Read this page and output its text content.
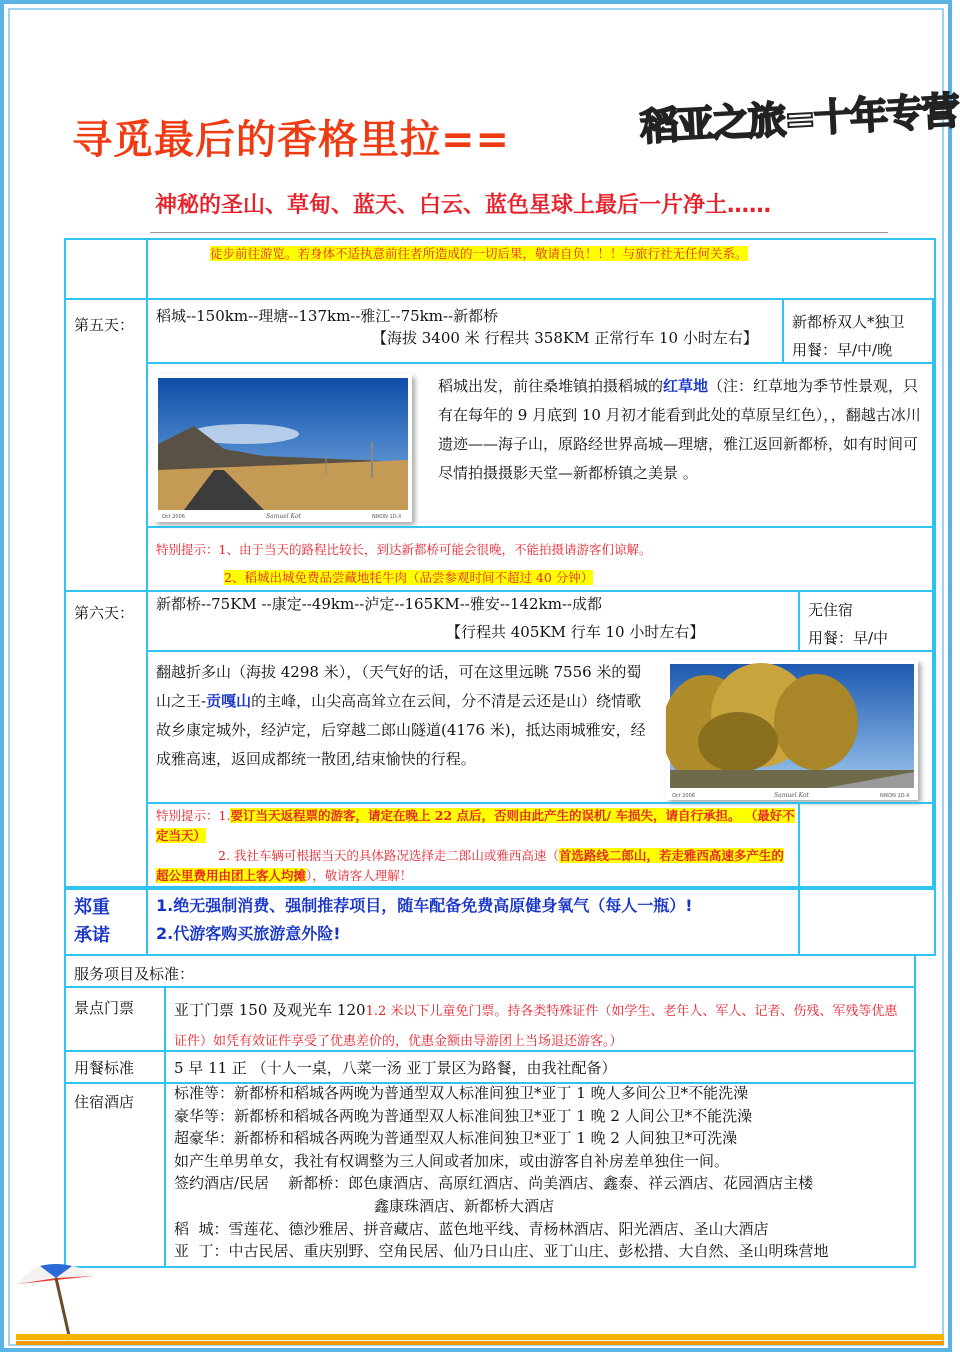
寻觅最后的香格里拉==	稻亚之旅=十年专营
神秘的圣山、草甸、蓝天、白云、蓝色星球上最后一片净土……
徒步前往游览。若身体不适执意前往者所造成的一切后果，敬请自负！！！与旅行社无任何关系。
第五天： 稻城--150km--理塘--137km--雅江--75km--新都桥
【海拔 3400 米 行程共 358KM 正常行车 10 小时左右】
新都桥双人*独卫
用餐：早/中/晚
Oct 2006	Samuel Kot	NIKON 1D-X
稻城出发，前往桑堆镇拍摄稻城的红草地（注：红草地为季节性景观，只有在每年的 9 月底到 10 月初才能看到此处的草原呈红色），，翻越古冰川遗迹——海子山，原路经世界高城—理塘，雅江返回新都桥，如有时间可尽情拍摄摄影天堂—新都桥镇之美景 。
特别提示：1、由于当天的路程比较长，到达新都桥可能会很晚，不能拍摄请游客们谅解。
2、稻城出城免费品尝藏地牦牛肉（品尝参观时间不超过 40 分钟）
第六天： 新都桥--75KM --康定--49km--泸定--165KM--雅安--142km--成都
【行程共 405KM 行车 10 小时左右】
无住宿
用餐：早/中
翻越折多山（海拔 4298 米），（天气好的话，可在这里远眺 7556 米的蜀山之王-贡嘎山的主峰，山尖高高耸立在云间，分不清是云还是山）绕情歌故乡康定城外，经泸定，后穿越二郎山隧道(4176 米)，抵达雨城雅安，经成雅高速，返回成都统一散团,结束愉快的行程。
Oct 2006	Samuel Kot	NIKON 1D-X
特别提示：1.要订当天返程票的游客，请定在晚上 22 点后，否则由此产生的误机/ 车损失，请自行承担。 （最好不定当天）
2. 我社车辆可根据当天的具体路况选择走二郎山或雅西高速（首选路线二郎山，若走雅西高速多产生的超公里费用由团上客人均摊），敬请客人理解！
郑重承诺
1.绝无强制消费、强制推荐项目，随车配备免费高原健身氧气（每人一瓶）!
2.代游客购买旅游意外险!
服务项目及标准：
景点门票	亚丁门票 150 及观光车 1201.2 米以下儿童免门票。持各类特殊证件（如学生、老年人、军人、记者、伤残、军残等优惠证件）如凭有效证件享受了优惠差价的，优惠金额由导游团上当场退还游客。）
用餐标准	5 早 11 正 （十人一桌，八菜一汤 亚丁景区为路餐，由我社配备）
住宿酒店	标准等：新都桥和稻城各两晚为普通型双人标准间独卫*亚丁 1 晚人多间公卫*不能洗澡
豪华等：新都桥和稻城各两晚为普通型双人标准间独卫*亚丁 1 晚 2 人间公卫*不能洗澡
超豪华：新都桥和稻城各两晚为普通型双人标准间独卫*亚丁 1 晚 2 人间独卫*可洗澡
如产生单男单女，我社有权调整为三人间或者加床，或由游客自补房差单独住一间。
签约酒店/民居    新都桥：郎色康酒店、高原红酒店、尚美酒店、鑫泰、祥云酒店、花园酒店主楼
鑫康珠酒店、新都桥大酒店
稻  城：雪莲花、德沙雅居、拼音藏店、蓝色地平线、青杨林酒店、阳光酒店、圣山大酒店
亚  丁：中古民居、重庆别野、空角民居、仙乃日山庄、亚丁山庄、彭松措、大自然、圣山明珠营地
